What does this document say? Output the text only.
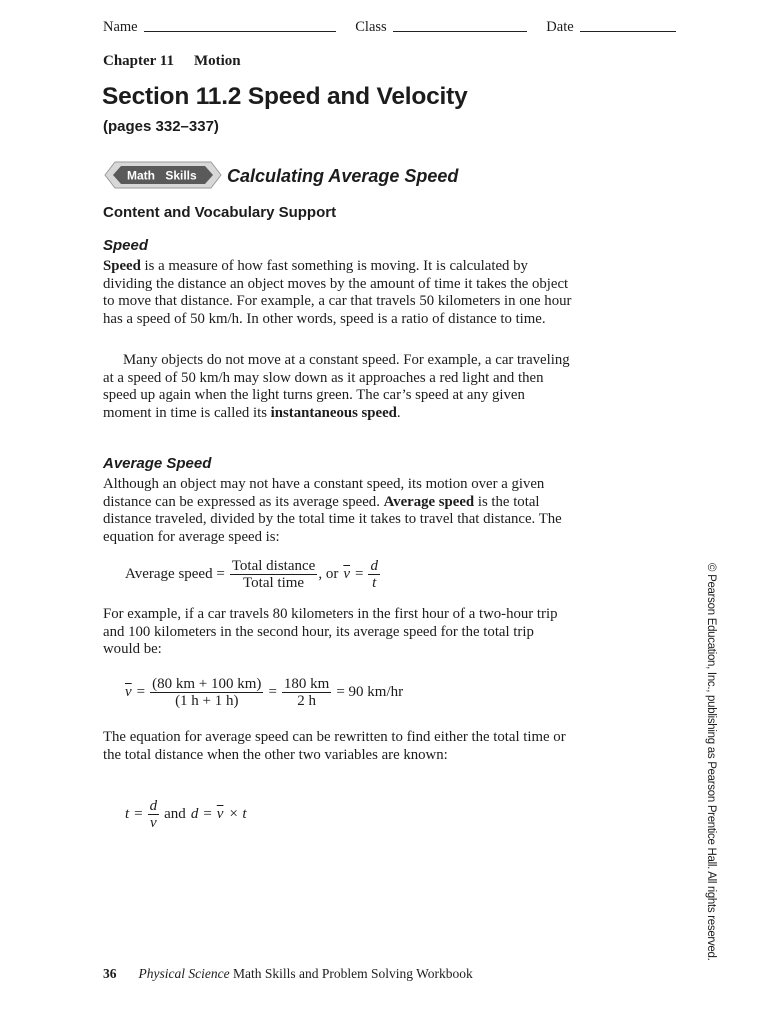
Name	Class	Date
Chapter 11 Motion
Section 11.2 Speed and Velocity
(pages 332–337)
Math Skills Calculating Average Speed
Content and Vocabulary Support
Speed

Speed is a measure of how fast something is moving. It is calculated by dividing the distance an object moves by the amount of time it takes the object to move that distance. For example, a car that travels 50 kilometers in one hour has a speed of 50 km/h. In other words, speed is a ratio of distance to time.

Many objects do not move at a constant speed. For example, a car traveling at a speed of 50 km/h may slow down as it approaches a red light and then speed up again when the light turns green. The car’s speed at any given moment in time is called its instantaneous speed.

Average Speed

Although an object may not have a constant speed, its motion over a given distance can be expressed as its average speed. Average speed is the total distance traveled, divided by the total time it takes to travel that distance. The equation for average speed is:

Average speed = $\frac{\text{Total distance}}{\text{Total time}}$ , or $\overline{v} = \frac{d}{t}$

For example, if a car travels 80 kilometers in the first hour of a two-hour trip and 100 kilometers in the second hour, its average speed for the total trip would be:

$\overline{v} = \frac{(80 km + 100 km)}{(1 h + 1 h)} = \frac{180 km}{2 h} = 90$ km/hr

The equation for average speed can be rewritten to find either the total time or the total distance when the other two variables are known:

$t = \frac{d}{v}$ and $d = \overline{v} \times t$
36 Physical Science Math Skills and Problem Solving Workbook
© Pearson Education, Inc., publishing as Pearson Prentice Hall. All rights reserved.
